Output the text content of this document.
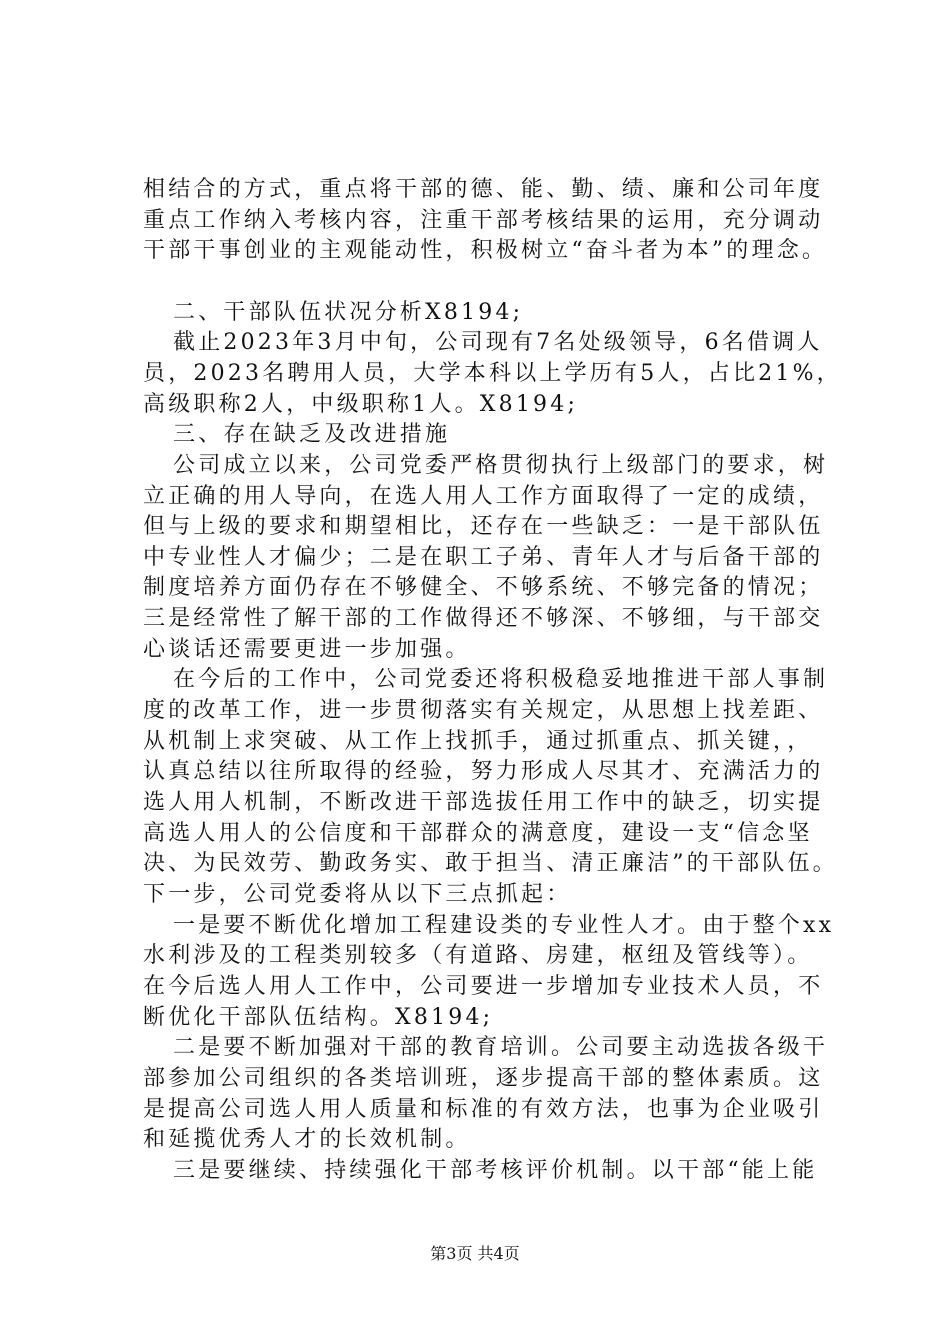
相结合的方式，重点将干部的德、能、勤、绩、廉和公司年度
重点工作纳入考核内容，注重干部考核结果的运用，充分调动
干部干事创业的主观能动性，积极树立“奋斗者为本”的理念。
二、干部队伍状况分析X8194;
截止2023年3月中旬，公司现有7名处级领导，6名借调人
员，2023名聘用人员，大学本科以上学历有5人，占比21%，
高级职称2人，中级职称1人。X8194;
三、存在缺乏及改进措施
公司成立以来，公司党委严格贯彻执行上级部门的要求，树
立正确的用人导向，在选人用人工作方面取得了一定的成绩，
但与上级的要求和期望相比，还存在一些缺乏：一是干部队伍
中专业性人才偏少；二是在职工子弟、青年人才与后备干部的
制度培养方面仍存在不够健全、不够系统、不够完备的情况；
三是经常性了解干部的工作做得还不够深、不够细，与干部交
心谈话还需要更进一步加强。
在今后的工作中，公司党委还将积极稳妥地推进干部人事制
度的改革工作，进一步贯彻落实有关规定，从思想上找差距、
从机制上求突破、从工作上找抓手，通过抓重点、抓关键，，
认真总结以往所取得的经验，努力形成人尽其才、充满活力的
选人用人机制，不断改进干部选拔任用工作中的缺乏，切实提
高选人用人的公信度和干部群众的满意度，建设一支“信念坚
决、为民效劳、勤政务实、敢于担当、清正廉洁”的干部队伍。
下一步，公司党委将从以下三点抓起：
一是要不断优化增加工程建设类的专业性人才。由于整个xx
水利涉及的工程类别较多（有道路、房建，枢纽及管线等）。
在今后选人用人工作中，公司要进一步增加专业技术人员，不
断优化干部队伍结构。X8194;
二是要不断加强对干部的教育培训。公司要主动选拔各级干
部参加公司组织的各类培训班，逐步提高干部的整体素质。这
是提高公司选人用人质量和标准的有效方法，也事为企业吸引
和延揽优秀人才的长效机制。
三是要继续、持续强化干部考核评价机制。以干部“能上能
第3页 共4页
